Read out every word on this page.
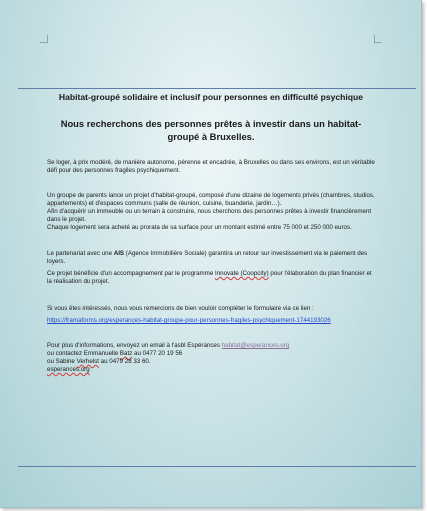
Habitat-groupé solidaire et inclusif pour personnes en difficulté psychique
Nous recherchons des personnes prêtes à investir dans un habitat-groupé à Bruxelles.

Se loger, à prix modéré, de manière autonome, pérenne et encadrée, à Bruxelles ou dans ses environs, est un véritable défi pour des personnes fragiles psychiquement.

Un groupe de parents lance un projet d'habitat-groupé, composé d'une dizaine de logements privés (chambres, studios, appartements) et d'espaces communs (salle de réunion, cuisine, buanderie, jardin…).

Afin d'acquérir un immeuble ou un terrain à construire, nous cherchons des personnes prêtes à investir financièrement dans le projet.

Chaque logement sera acheté au prorata de sa surface pour un montant estimé entre 75 000 et 250 000 euros.

Le partenariat avec une AIS (Agence Immobilière Sociale) garantira un retour sur investissement via le paiement des loyers.

Ce projet bénéficie d'un accompagnement par le programme Innovate (Coopcity) pour l'élaboration du plan financier et la réalisation du projet.

Si vous êtes intéressés, nous vous remercions de bien vouloir compléter le formulaire via ce lien :

https://framaforms.org/esperances-habitat-groupe-pour-personnes-fragiles-psychiquement-1744193026

Pour plus d'informations, envoyez un email à l'asbl Espérances habitat@esperances.org

ou contactez Emmanuelle Batz au 0477 20 19 56

ou Sabine Verhelst au 0479 28 33 60.

esperances.org
